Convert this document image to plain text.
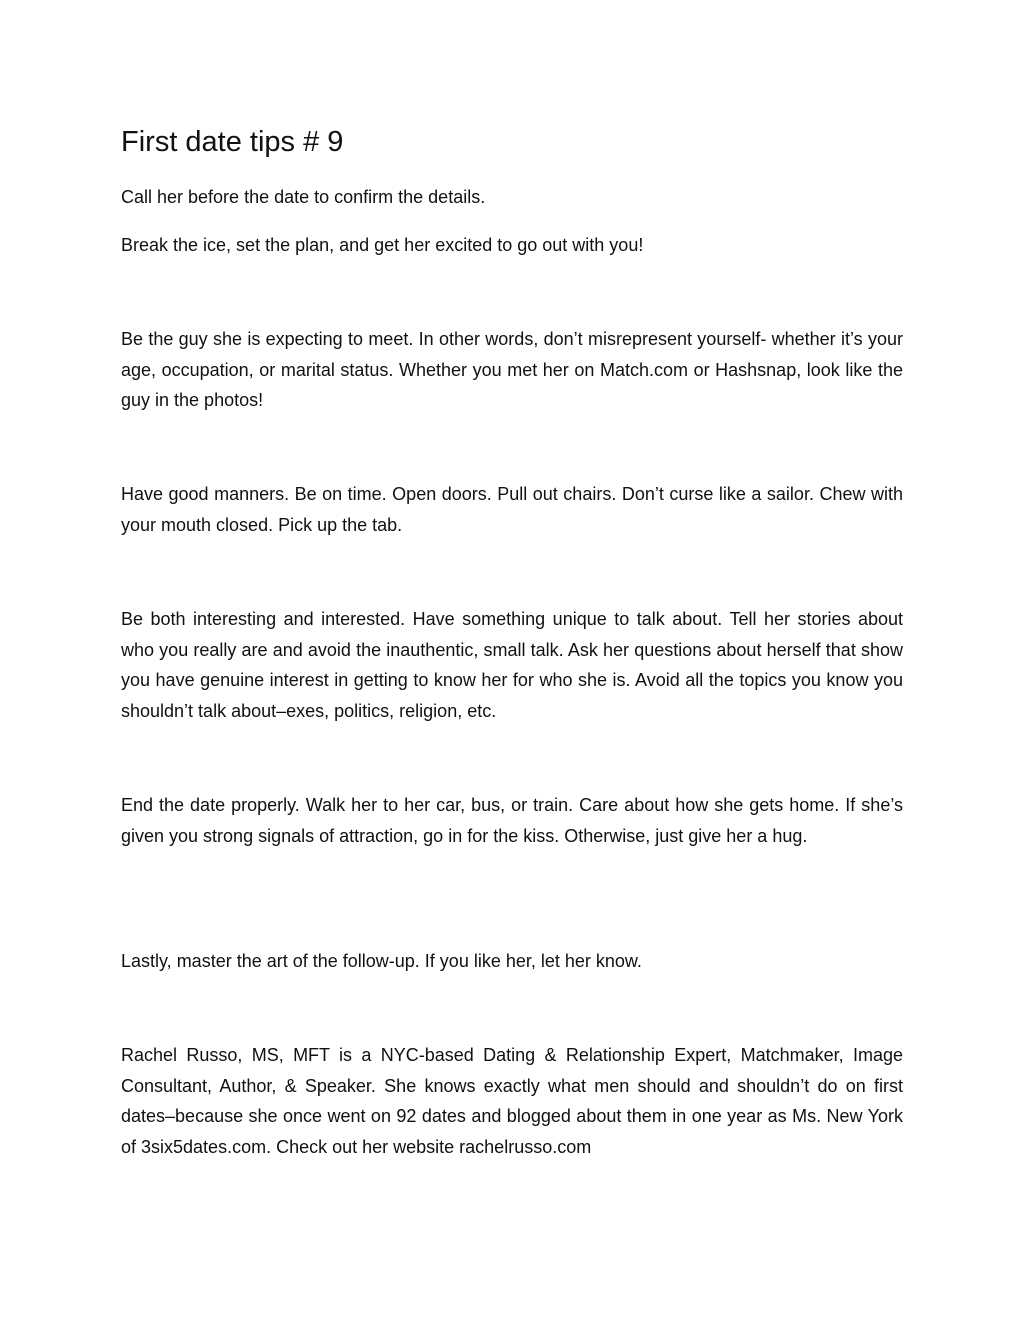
First date tips # 9

Call her before the date to confirm the details.

Break the ice, set the plan, and get her excited to go out with you!

Be the guy she is expecting to meet. In other words, don’t misrepresent yourself- whether it’s your age, occupation, or marital status. Whether you met her on Match.com or Hashsnap, look like the guy in the photos!

Have good manners. Be on time. Open doors. Pull out chairs. Don’t curse like a sailor. Chew with your mouth closed. Pick up the tab.

Be both interesting and interested. Have something unique to talk about. Tell her stories about who you really are and avoid the inauthentic, small talk. Ask her questions about herself that show you have genuine interest in getting to know her for who she is. Avoid all the topics you know you shouldn’t talk about–exes, politics, religion, etc.

End the date properly. Walk her to her car, bus, or train. Care about how she gets home. If she’s given you strong signals of attraction, go in for the kiss. Otherwise, just give her a hug.

Lastly, master the art of the follow-up. If you like her, let her know.

Rachel Russo, MS, MFT is a NYC-based Dating & Relationship Expert, Matchmaker, Image Consultant, Author, & Speaker. She knows exactly what men should and shouldn’t do on first dates–because she once went on 92 dates and blogged about them in one year as Ms. New York of 3six5dates.com. Check out her website rachelrusso.com
